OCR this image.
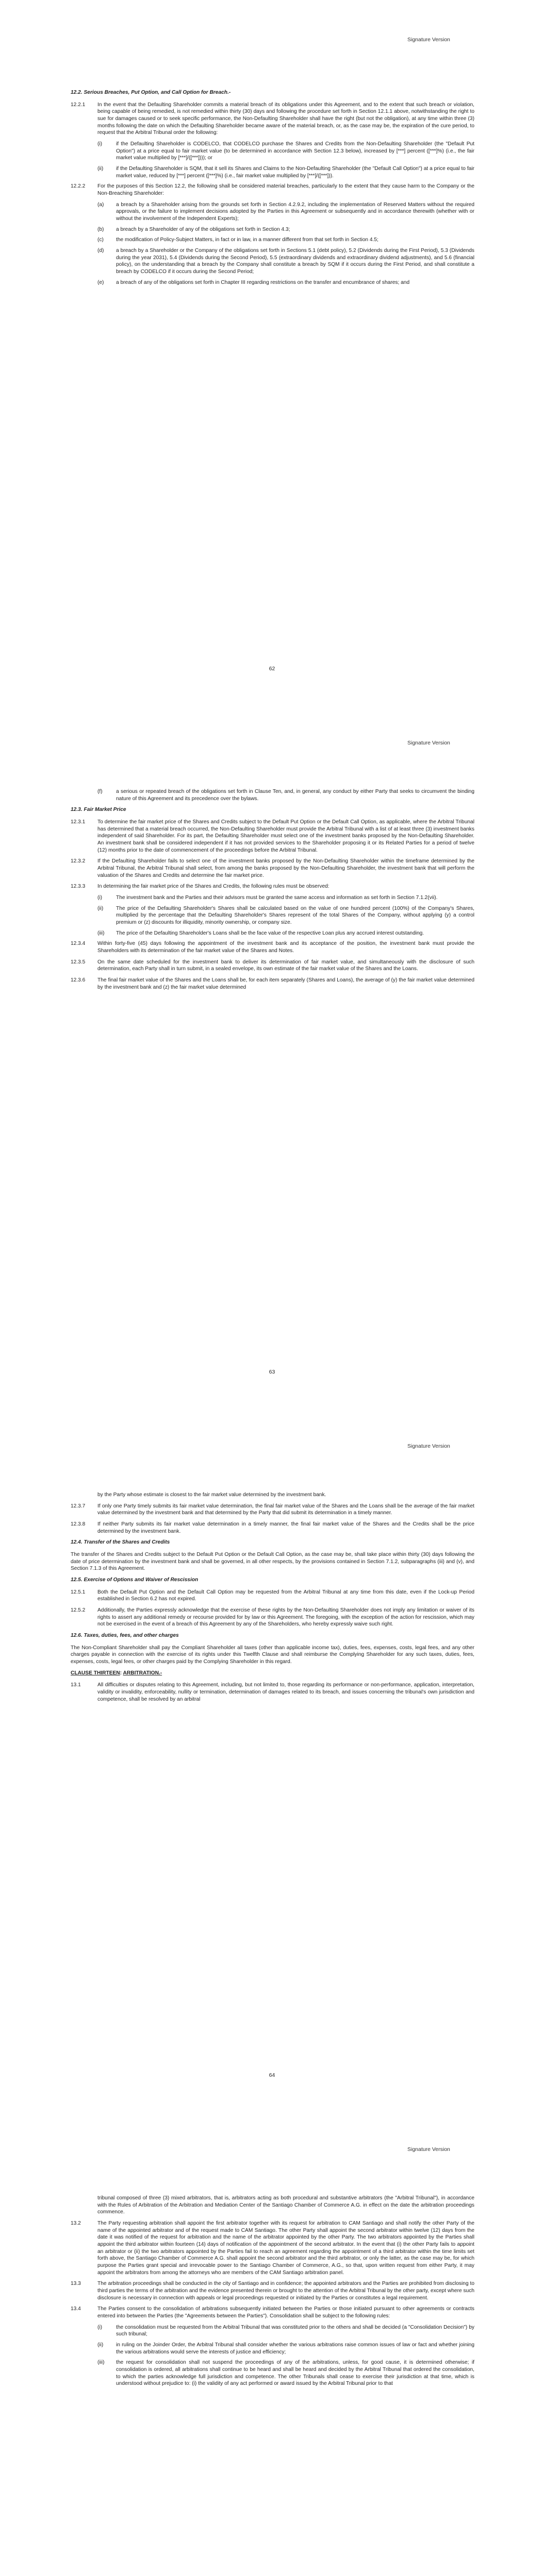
Signature Version
12.2. Serious Breaches, Put Option, and Call Option for Breach.-
12.2.1	In the event that the Defaulting Shareholder commits a material breach of its obligations under this Agreement, and to the extent that such breach or violation, being capable of being remedied, is not remedied within thirty (30) days and following the procedure set forth in Section 12.1.1 above, notwithstanding the right to sue for damages caused or to seek specific performance, the Non-Defaulting Shareholder shall have the right (but not the obligation), at any time within three (3) months following the date on which the Defaulting Shareholder became aware of the material breach, or, as the case may be, the expiration of the cure period, to request that the Arbitral Tribunal order the following:
(i)	if the Defaulting Shareholder is CODELCO, that CODELCO purchase the Shares and Credits from the Non-Defaulting Shareholder (the "Default Put Option") at a price equal to fair market value (to be determined in accordance with Section 12.3 below), increased by [***] percent ([***]%) (i.e., the fair market value multiplied by [***]/([***]))); or
(ii)	if the Defaulting Shareholder is SQM, that it sell its Shares and Claims to the Non-Defaulting Shareholder (the "Default Call Option") at a price equal to fair market value, reduced by [***] percent ([***]%) (i.e., fair market value multiplied by [***]/([***])).
12.2.2	For the purposes of this Section 12.2, the following shall be considered material breaches, particularly to the extent that they cause harm to the Company or the Non-Breaching Shareholder:
(a)	a breach by a Shareholder arising from the grounds set forth in Section 4.2.9.2, including the implementation of Reserved Matters without the required approvals, or the failure to implement decisions adopted by the Parties in this Agreement or subsequently and in accordance therewith (whether with or without the involvement of the Independent Experts);
(b)	a breach by a Shareholder of any of the obligations set forth in Section 4.3;
(c)	the modification of Policy-Subject Matters, in fact or in law, in a manner different from that set forth in Section 4.5;
(d)	a breach by a Shareholder or the Company of the obligations set forth in Sections 5.1 (debt policy), 5.2 (Dividends during the First Period), 5.3 (Dividends during the year 2031), 5.4 (Dividends during the Second Period), 5.5 (extraordinary dividends and extraordinary dividend adjustments), and 5.6 (financial policy), on the understanding that a breach by the Company shall constitute a breach by SQM if it occurs during the First Period, and shall constitute a breach by CODELCO if it occurs during the Second Period;
(e)	a breach of any of the obligations set forth in Chapter III regarding restrictions on the transfer and encumbrance of shares; and
62
Signature Version
(f)	a serious or repeated breach of the obligations set forth in Clause Ten, and, in general, any conduct by either Party that seeks to circumvent the binding nature of this Agreement and its precedence over the bylaws.
12.3. Fair Market Price
12.3.1	To determine the fair market price of the Shares and Credits subject to the Default Put Option or the Default Call Option, as applicable, where the Arbitral Tribunal has determined that a material breach occurred, the Non-Defaulting Shareholder must provide the Arbitral Tribunal with a list of at least three (3) investment banks independent of said Shareholder. For its part, the Defaulting Shareholder must select one of the investment banks proposed by the Non-Defaulting Shareholder. An investment bank shall be considered independent if it has not provided services to the Shareholder proposing it or its Related Parties for a period of twelve (12) months prior to the date of commencement of the proceedings before the Arbitral Tribunal.
12.3.2	If the Defaulting Shareholder fails to select one of the investment banks proposed by the Non-Defaulting Shareholder within the timeframe determined by the Arbitral Tribunal, the Arbitral Tribunal shall select, from among the banks proposed by the Non-Defaulting Shareholder, the investment bank that will perform the valuation of the Shares and Credits and determine the fair market price.
12.3.3	In determining the fair market price of the Shares and Credits, the following rules must be observed:
(i)	The investment bank and the Parties and their advisors must be granted the same access and information as set forth in Section 7.1.2(vii).
(ii)	The price of the Defaulting Shareholder's Shares shall be calculated based on the value of one hundred percent (100%) of the Company's Shares, multiplied by the percentage that the Defaulting Shareholder's Shares represent of the total Shares of the Company, without applying (y) a control premium or (z) discounts for illiquidity, minority ownership, or company size.
(iii)	The price of the Defaulting Shareholder's Loans shall be the face value of the respective Loan plus any accrued interest outstanding.
12.3.4	Within forty-five (45) days following the appointment of the investment bank and its acceptance of the position, the investment bank must provide the Shareholders with its determination of the fair market value of the Shares and Notes.
12.3.5	On the same date scheduled for the investment bank to deliver its determination of fair market value, and simultaneously with the disclosure of such determination, each Party shall in turn submit, in a sealed envelope, its own estimate of the fair market value of the Shares and the Loans.
12.3.6	The final fair market value of the Shares and the Loans shall be, for each item separately (Shares and Loans), the average of (y) the fair market value determined by the investment bank and (z) the fair market value determined
63
Signature Version
by the Party whose estimate is closest to the fair market value determined by the investment bank.
12.3.7	If only one Party timely submits its fair market value determination, the final fair market value of the Shares and the Loans shall be the average of the fair market value determined by the investment bank and that determined by the Party that did submit its determination in a timely manner.
12.3.8	If neither Party submits its fair market value determination in a timely manner, the final fair market value of the Shares and the Credits shall be the price determined by the investment bank.
12.4. Transfer of the Shares and Credits
The transfer of the Shares and Credits subject to the Default Put Option or the Default Call Option, as the case may be, shall take place within thirty (30) days following the date of price determination by the investment bank and shall be governed, in all other respects, by the provisions contained in Section 7.1.2, subparagraphs (iii) and (v), and Section 7.1.3 of this Agreement.
12.5. Exercise of Options and Waiver of Rescission
12.5.1	Both the Default Put Option and the Default Call Option may be requested from the Arbitral Tribunal at any time from this date, even if the Lock-up Period established in Section 6.2 has not expired.
12.5.2	Additionally, the Parties expressly acknowledge that the exercise of these rights by the Non-Defaulting Shareholder does not imply any limitation or waiver of its rights to assert any additional remedy or recourse provided for by law or this Agreement. The foregoing, with the exception of the action for rescission, which may not be exercised in the event of a breach of this Agreement by any of the Shareholders, who hereby expressly waive such right.
12.6. Taxes, duties, fees, and other charges
The Non-Compliant Shareholder shall pay the Compliant Shareholder all taxes (other than applicable income tax), duties, fees, expenses, costs, legal fees, and any other charges payable in connection with the exercise of its rights under this Twelfth Clause and shall reimburse the Complying Shareholder for any such taxes, duties, fees, expenses, costs, legal fees, or other charges paid by the Complying Shareholder in this regard.
CLAUSE THIRTEEN: ARBITRATION.-
13.1	All difficulties or disputes relating to this Agreement, including, but not limited to, those regarding its performance or non-performance, application, interpretation, validity or invalidity, enforceability, nullity or termination, determination of damages related to its breach, and issues concerning the tribunal's own jurisdiction and competence, shall be resolved by an arbitral
64
Signature Version
tribunal composed of three (3) mixed arbitrators, that is, arbitrators acting as both procedural and substantive arbitrators (the "Arbitral Tribunal"), in accordance with the Rules of Arbitration of the Arbitration and Mediation Center of the Santiago Chamber of Commerce A.G. in effect on the date the arbitration proceedings commence.
13.2	The Party requesting arbitration shall appoint the first arbitrator together with its request for arbitration to CAM Santiago and shall notify the other Party of the name of the appointed arbitrator and of the request made to CAM Santiago. The other Party shall appoint the second arbitrator within twelve (12) days from the date it was notified of the request for arbitration and the name of the arbitrator appointed by the other Party. The two arbitrators appointed by the Parties shall appoint the third arbitrator within fourteen (14) days of notification of the appointment of the second arbitrator. In the event that (i) the other Party fails to appoint an arbitrator or (ii) the two arbitrators appointed by the Parties fail to reach an agreement regarding the appointment of a third arbitrator within the time limits set forth above, the Santiago Chamber of Commerce A.G. shall appoint the second arbitrator and the third arbitrator, or only the latter, as the case may be, for which purpose the Parties grant special and irrevocable power to the Santiago Chamber of Commerce, A.G., so that, upon written request from either Party, it may appoint the arbitrators from among the attorneys who are members of the CAM Santiago arbitration panel.
13.3	The arbitration proceedings shall be conducted in the city of Santiago and in confidence; the appointed arbitrators and the Parties are prohibited from disclosing to third parties the terms of the arbitration and the evidence presented therein or brought to the attention of the Arbitral Tribunal by the other party, except where such disclosure is necessary in connection with appeals or legal proceedings requested or initiated by the Parties or constitutes a legal requirement.
13.4	The Parties consent to the consolidation of arbitrations subsequently initiated between the Parties or those initiated pursuant to other agreements or contracts entered into between the Parties (the "Agreements between the Parties"). Consolidation shall be subject to the following rules:
(i)	the consolidation must be requested from the Arbitral Tribunal that was constituted prior to the others and shall be decided (a "Consolidation Decision") by such tribunal;
(ii)	in ruling on the Joinder Order, the Arbitral Tribunal shall consider whether the various arbitrations raise common issues of law or fact and whether joining the various arbitrations would serve the interests of justice and efficiency;
(iii)	the request for consolidation shall not suspend the proceedings of any of the arbitrations, unless, for good cause, it is determined otherwise; if consolidation is ordered, all arbitrations shall continue to be heard and shall be heard and decided by the Arbitral Tribunal that ordered the consolidation, to which the parties acknowledge full jurisdiction and competence. The other Tribunals shall cease to exercise their jurisdiction at that time, which is understood without prejudice to: (i) the validity of any act performed or award issued by the Arbitral Tribunal prior to that
